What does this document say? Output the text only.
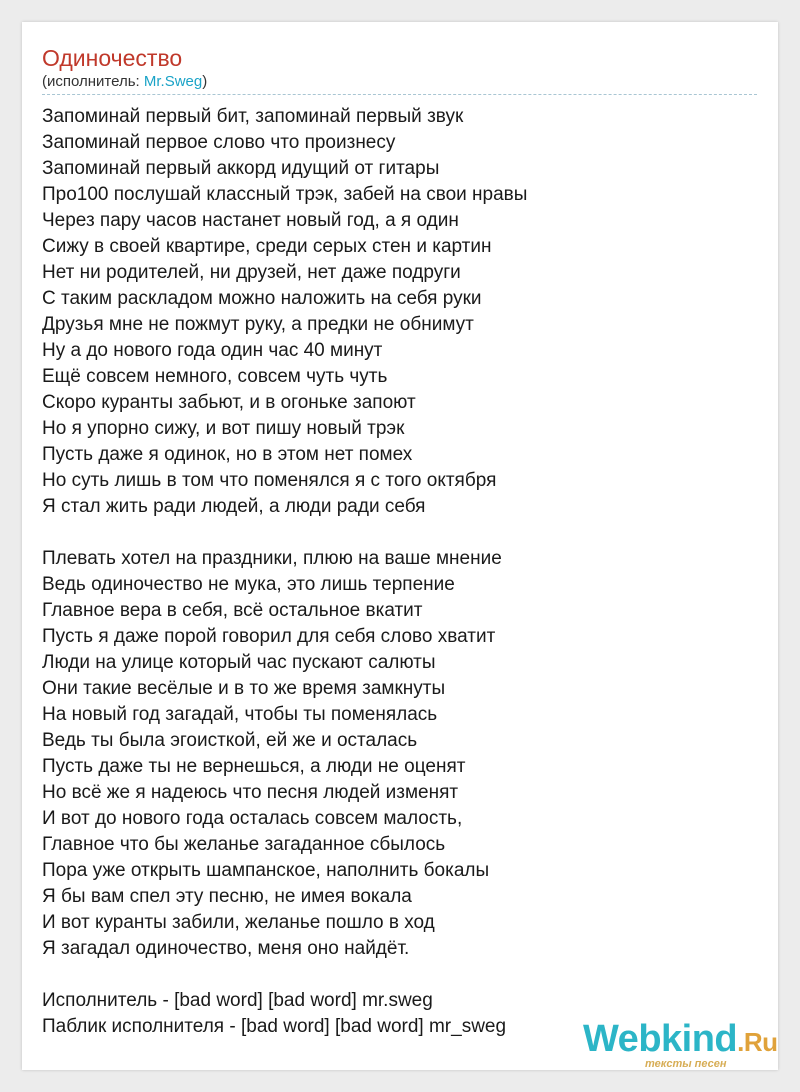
Одиночество
(исполнитель: Mr.Sweg)
Запоминай первый бит, запоминай первый звук
Запоминай первое слово что произнесу
Запоминай первый аккорд идущий от гитары
Про100 послушай классный трэк, забей на свои нравы
Через пару часов настанет новый год, а я один
Сижу в своей квартире, среди серых стен и картин
Нет ни родителей, ни друзей, нет даже подруги
С таким раскладом можно наложить на себя руки
Друзья мне не пожмут руку, а предки не обнимут
Ну а до нового года один час 40 минут
Ещё совсем немного, совсем чуть чуть
Скоро куранты забьют, и в огоньке запоют
Но я упорно сижу, и вот пишу новый трэк
Пусть даже я одинок, но в этом нет помех
Но суть лишь в том что поменялся я с того октября
Я стал жить ради людей, а люди ради себя
Плевать хотел на праздники, плюю на ваше мнение
Ведь одиночество не мука, это лишь терпение
Главное вера в себя, всё остальное вкатит
Пусть я даже порой говорил для себя слово хватит
Люди на улице который час пускают салюты
Они такие весёлые и в то же время замкнуты
На новый год загадай, чтобы ты поменялась
Ведь ты была эгоисткой, ей же и осталась
Пусть даже ты не вернешься, а люди не оценят
Но всё же я надеюсь что песня людей изменят
И вот до нового года осталась совсем малость,
Главное что бы желанье загаданное сбылось
Пора уже открыть шампанское, наполнить бокалы
Я бы вам спел эту песню, не имея вокала
И вот куранты забили, желанье пошло в ход
Я загадал одиночество, меня оно найдёт.
Исполнитель - [bad word] [bad word] mr.sweg
Паблик исполнителя - [bad word] [bad word] mr_sweg	Webkind.Ru
тексты песен
